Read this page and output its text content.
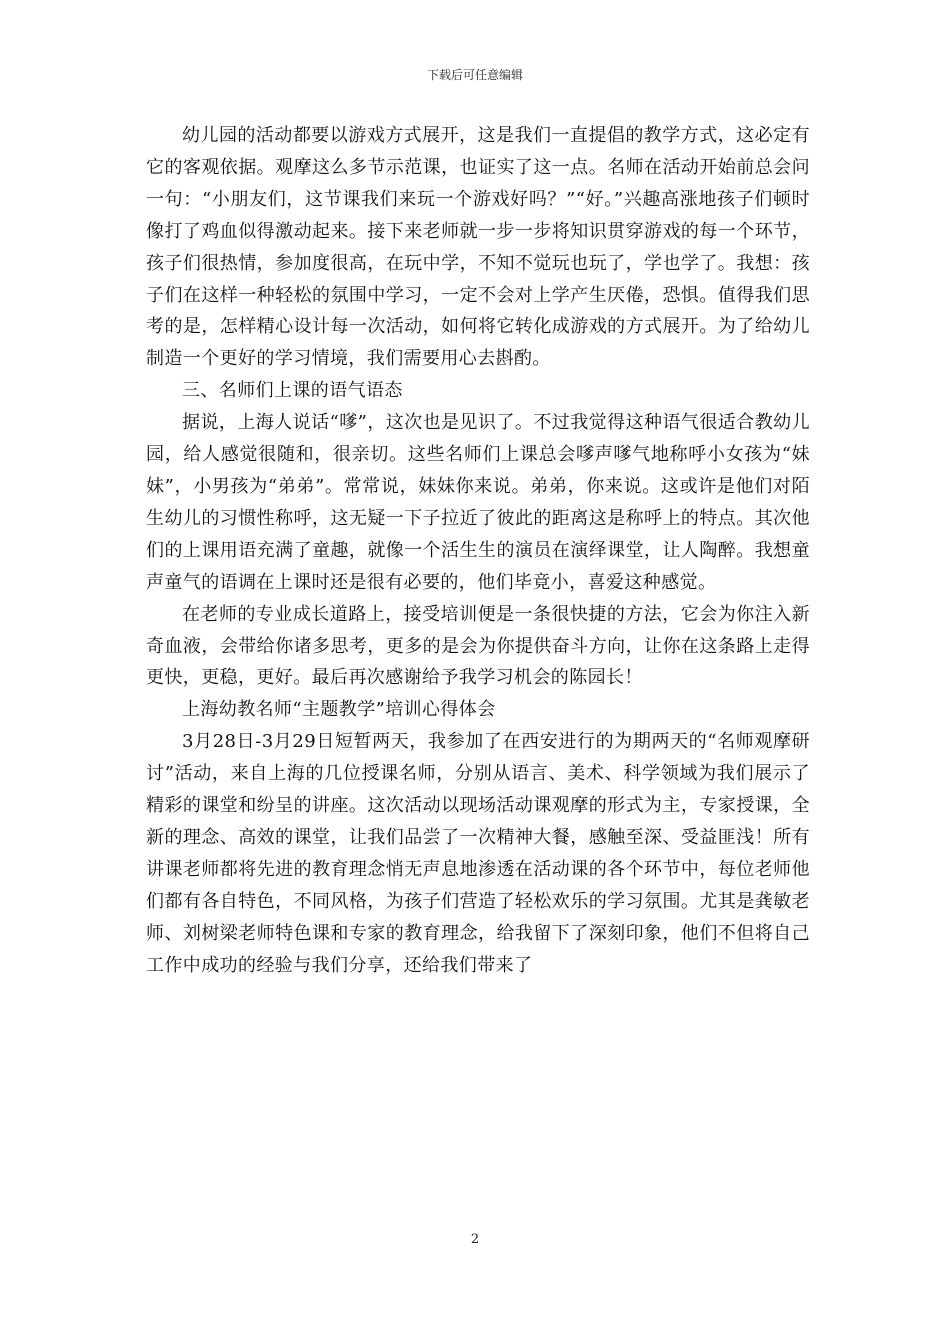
下载后可任意编辑

幼儿园的活动都要以游戏方式展开，这是我们一直提倡的教学方式，这必定有它的客观依据。观摩这么多节示范课，也证实了这一点。名师在活动开始前总会问一句：“小朋友们，这节课我们来玩一个游戏好吗？”“好。”兴趣高涨地孩子们顿时像打了鸡血似得激动起来。接下来老师就一步一步将知识贯穿游戏的每一个环节，孩子们很热情，参加度很高，在玩中学，不知不觉玩也玩了，学也学了。我想：孩子们在这样一种轻松的氛围中学习，一定不会对上学产生厌倦，恐惧。值得我们思考的是，怎样精心设计每一次活动，如何将它转化成游戏的方式展开。为了给幼儿制造一个更好的学习情境，我们需要用心去斟酌。

三、名师们上课的语气语态

据说，上海人说话“嗲”，这次也是见识了。不过我觉得这种语气很适合教幼儿园，给人感觉很随和，很亲切。这些名师们上课总会嗲声嗲气地称呼小女孩为“妹妹”，小男孩为“弟弟”。常常说，妹妹你来说。弟弟，你来说。这或许是他们对陌生幼儿的习惯性称呼，这无疑一下子拉近了彼此的距离这是称呼上的特点。其次他们的上课用语充满了童趣，就像一个活生生的演员在演绎课堂，让人陶醉。我想童声童气的语调在上课时还是很有必要的，他们毕竟小，喜爱这种感觉。

在老师的专业成长道路上，接受培训便是一条很快捷的方法，它会为你注入新奇血液，会带给你诸多思考，更多的是会为你提供奋斗方向，让你在这条路上走得更快，更稳，更好。最后再次感谢给予我学习机会的陈园长！

上海幼教名师“主题教学”培训心得体会

3月28日-3月29日短暂两天，我参加了在西安进行的为期两天的“名师观摩研讨”活动，来自上海的几位授课名师，分别从语言、美术、科学领域为我们展示了精彩的课堂和纷呈的讲座。这次活动以现场活动课观摩的形式为主，专家授课，全新的理念、高效的课堂，让我们品尝了一次精神大餐，感触至深、受益匪浅！所有讲课老师都将先进的教育理念悄无声息地渗透在活动课的各个环节中，每位老师他们都有各自特色，不同风格，为孩子们营造了轻松欢乐的学习氛围。尤其是龚敏老师、刘树梁老师特色课和专家的教育理念，给我留下了深刻印象，他们不但将自己工作中成功的经验与我们分享，还给我们带来了

2
